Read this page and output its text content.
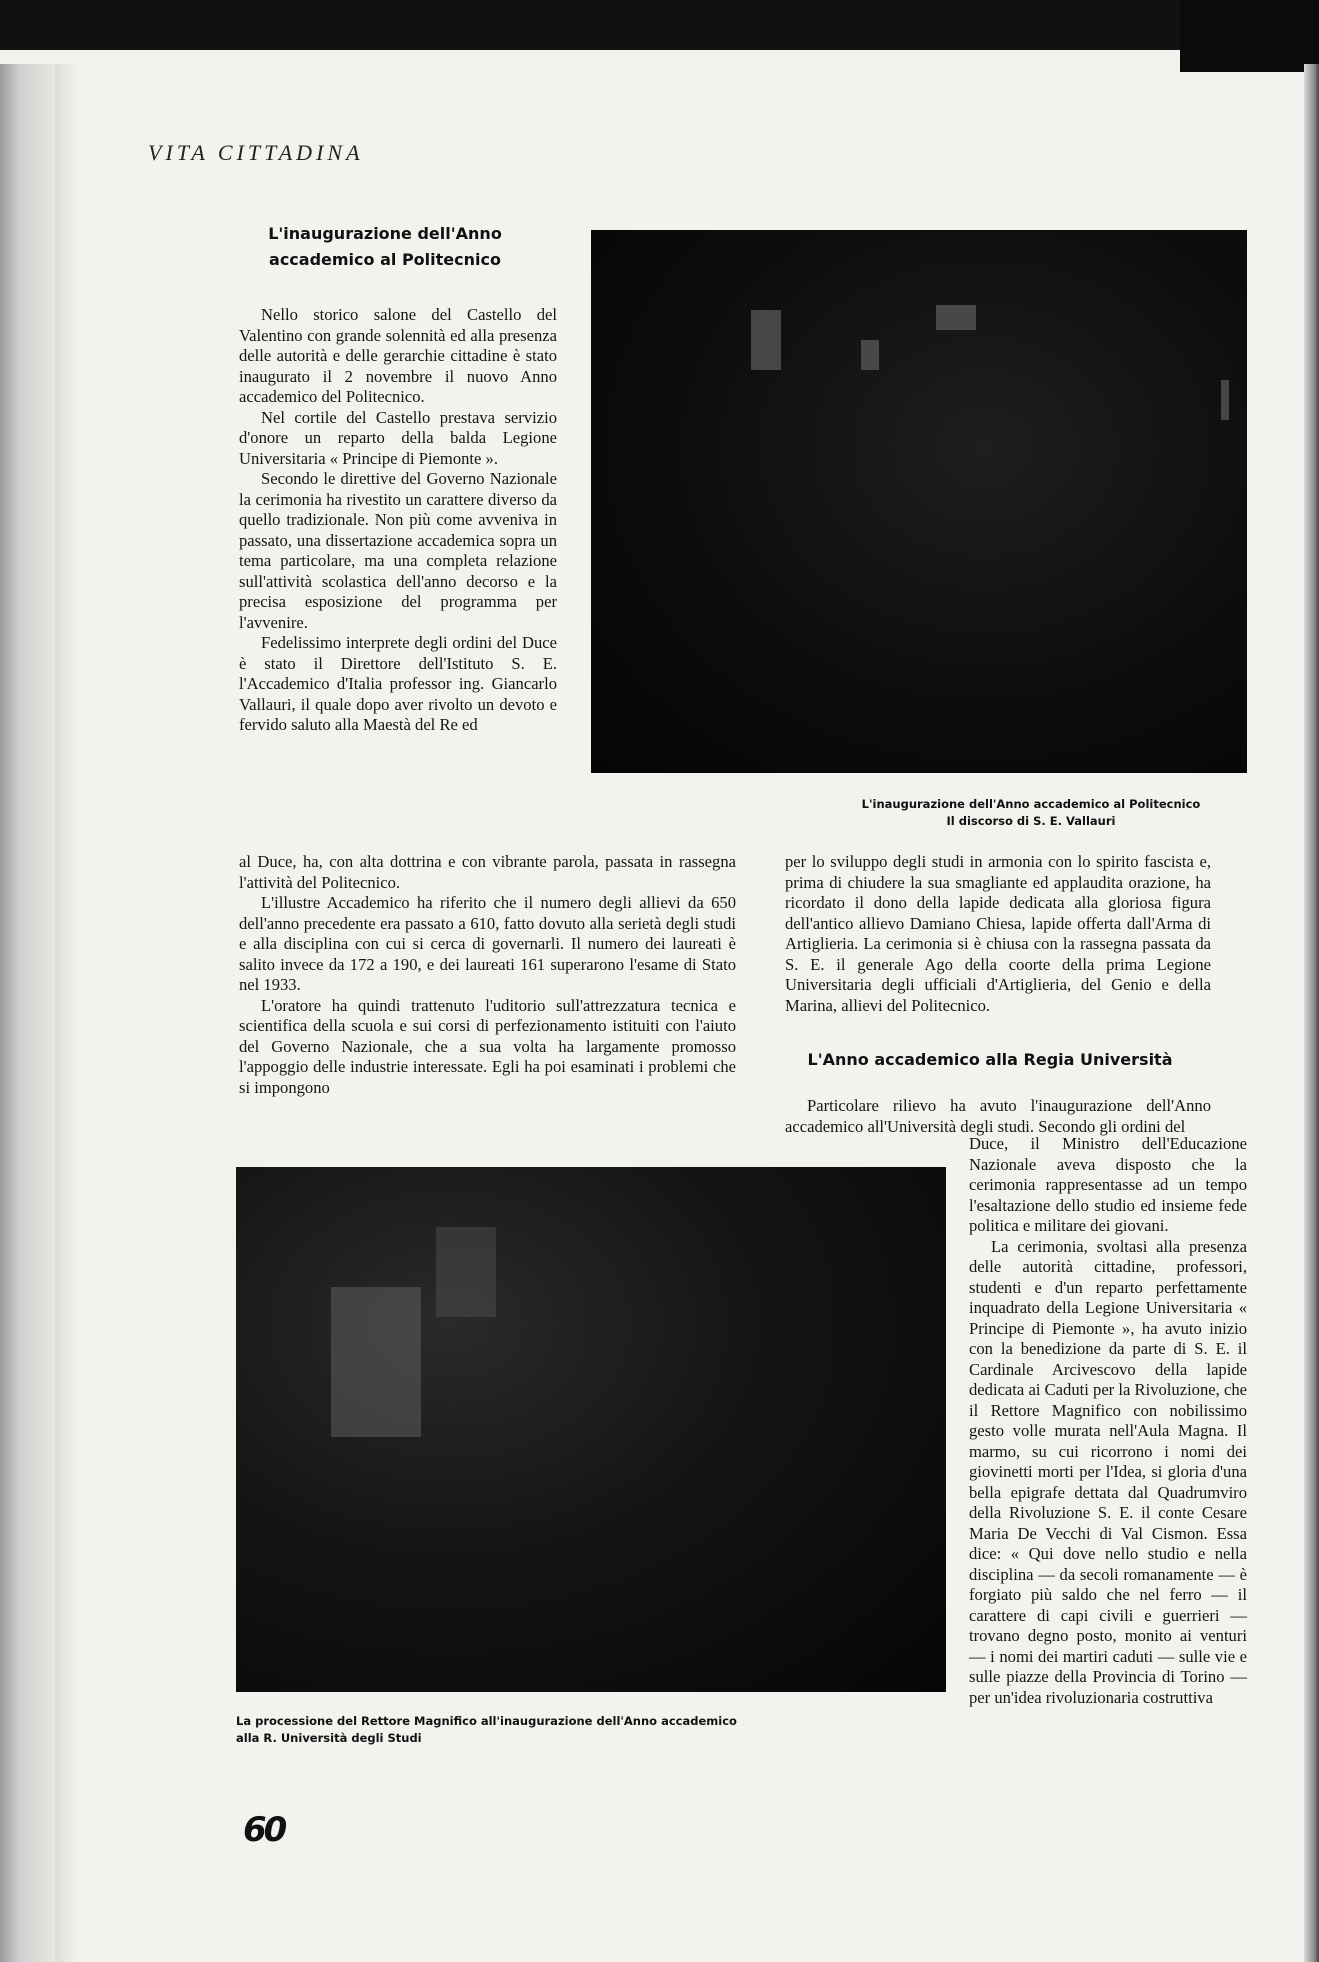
VITA CITTADINA
L'inaugurazione dell'Anno
accademico al Politecnico

Nello storico salone del Castello del Valentino con grande solennità ed alla presenza delle autorità e delle gerarchie cittadine è stato inaugurato il 2 novembre il nuovo Anno accademico del Politecnico.

Nel cortile del Castello prestava servizio d'onore un reparto della balda Legione Universitaria « Principe di Piemonte ».

Secondo le direttive del Governo Nazionale la cerimonia ha rivestito un carattere diverso da quello tradizionale. Non più come avveniva in passato, una dissertazione accademica sopra un tema particolare, ma una completa relazione sull'attività scolastica dell'anno decorso e la precisa esposizione del programma per l'avvenire.

Fedelissimo interprete degli ordini del Duce è stato il Direttore dell'Istituto S. E. l'Accademico d'Italia professor ing. Giancarlo Vallauri, il quale dopo aver rivolto un devoto e fervido saluto alla Maestà del Re ed

L'inaugurazione dell'Anno accademico al Politecnico
Il discorso di S. E. Vallauri

al Duce, ha, con alta dottrina e con vibrante parola, passata in rassegna l'attività del Politecnico.

L'illustre Accademico ha riferito che il numero degli allievi da 650 dell'anno precedente era passato a 610, fatto dovuto alla serietà degli studi e alla disciplina con cui si cerca di governarli. Il numero dei laureati è salito invece da 172 a 190, e dei laureati 161 superarono l'esame di Stato nel 1933.

L'oratore ha quindi trattenuto l'uditorio sull'attrezzatura tecnica e scientifica della scuola e sui corsi di perfezionamento istituiti con l'aiuto del Governo Nazionale, che a sua volta ha largamente promosso l'appoggio delle industrie interessate. Egli ha poi esaminati i problemi che si impongono

per lo sviluppo degli studi in armonia con lo spirito fascista e, prima di chiudere la sua smagliante ed applaudita orazione, ha ricordato il dono della lapide dedicata alla gloriosa figura dell'antico allievo Damiano Chiesa, lapide offerta dall'Arma di Artiglieria. La cerimonia si è chiusa con la rassegna passata da S. E. il generale Ago della coorte della prima Legione Universitaria degli ufficiali d'Artiglieria, del Genio e della Marina, allievi del Politecnico.

L'Anno accademico alla Regia Università

Particolare rilievo ha avuto l'inaugurazione dell'Anno accademico all'Università degli studi. Secondo gli ordini del

Duce, il Ministro dell'Educazione Nazionale aveva disposto che la cerimonia rappresentasse ad un tempo l'esaltazione dello studio ed insieme fede politica e militare dei giovani.

La cerimonia, svoltasi alla presenza delle autorità cittadine, professori, studenti e d'un reparto perfettamente inquadrato della Legione Universitaria « Principe di Piemonte », ha avuto inizio con la benedizione da parte di S. E. il Cardinale Arcivescovo della lapide dedicata ai Caduti per la Rivoluzione, che il Rettore Magnifico con nobilissimo gesto volle murata nell'Aula Magna. Il marmo, su cui ricorrono i nomi dei giovinetti morti per l'Idea, si gloria d'una bella epigrafe dettata dal Quadrumviro della Rivoluzione S. E. il conte Cesare Maria De Vecchi di Val Cismon. Essa dice: « Qui dove nello studio e nella disciplina — da secoli romanamente — è forgiato più saldo che nel ferro — il carattere di capi civili e guerrieri — trovano degno posto, monito ai venturi — i nomi dei martiri caduti — sulle vie e sulle piazze della Provincia di Torino — per un'idea rivoluzionaria costruttiva

La processione del Rettore Magnifico all'inaugurazione dell'Anno accademico
alla R. Università degli Studi
60
